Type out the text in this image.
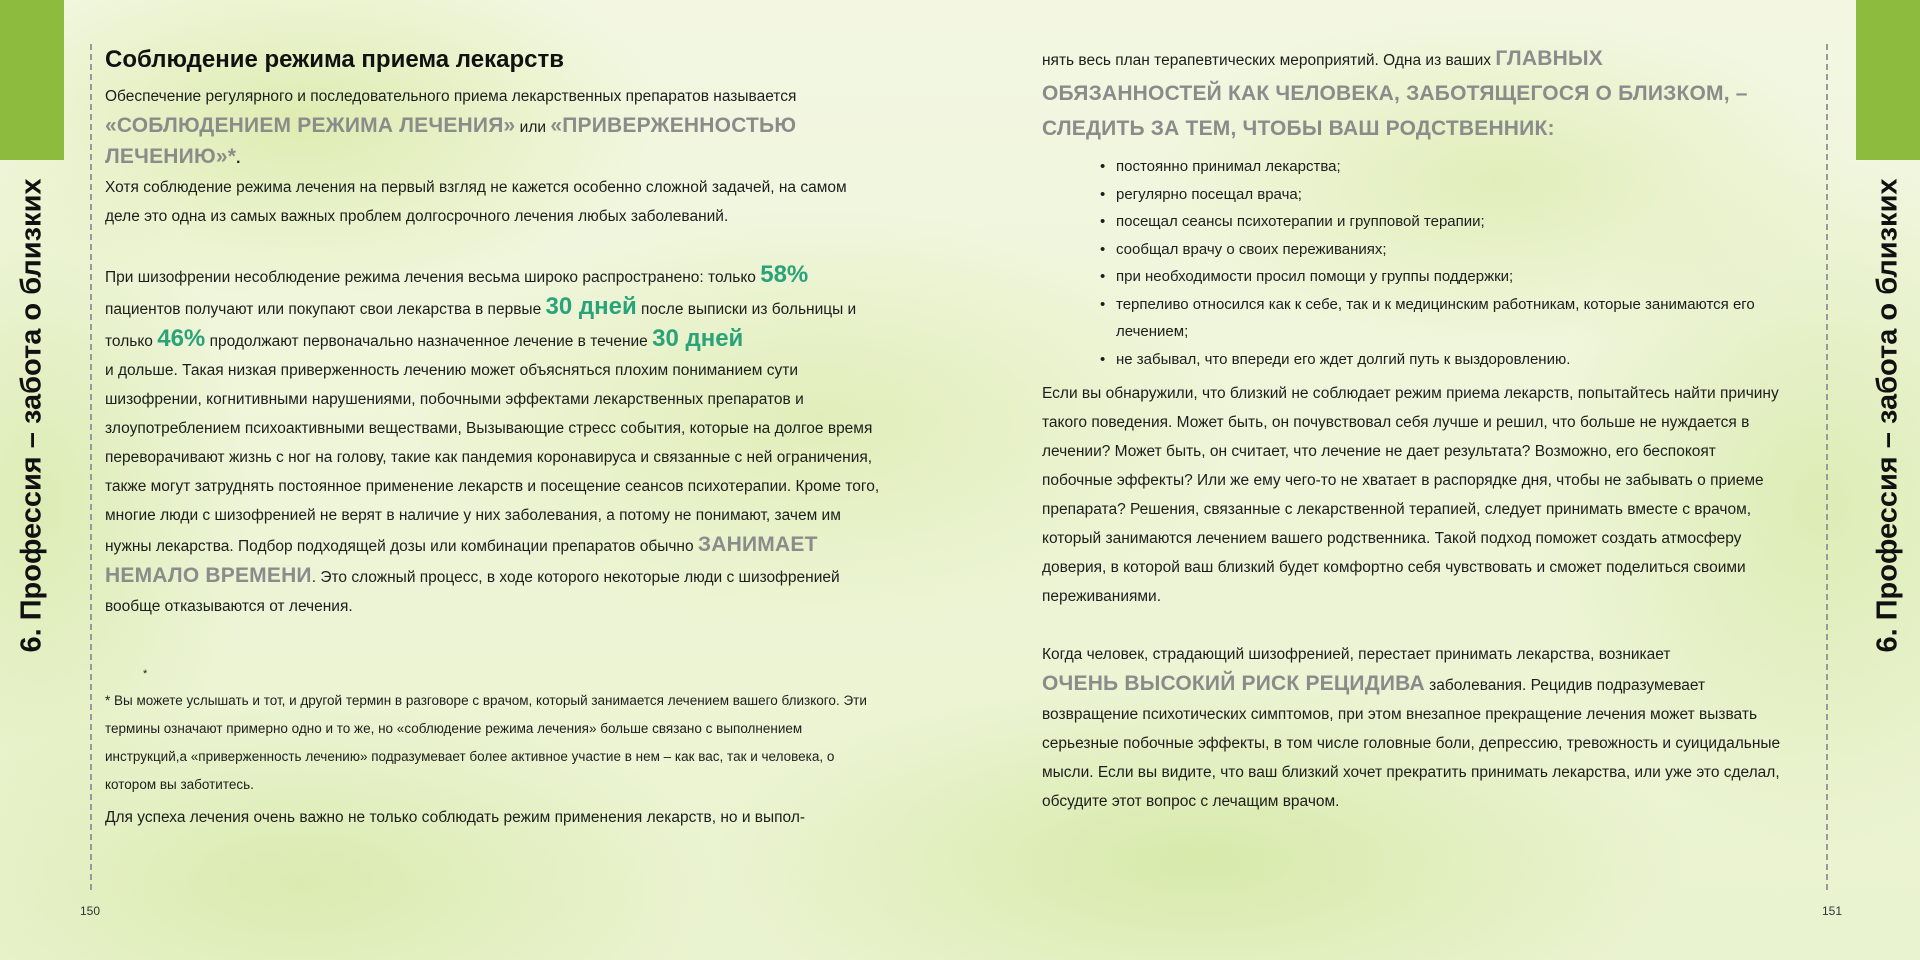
6. Профессия – забота о близких
Соблюдение режима приема лекарств

Обеспечение регулярного и последовательного приема лекарственных препаратов называется
«СОБЛЮДЕНИЕМ РЕЖИМА ЛЕЧЕНИЯ» или «ПРИВЕРЖЕННОСТЬЮ ЛЕЧЕНИЮ»*.
Хотя соблюдение режима лечения на первый взгляд не кажется особенно сложной задачей, на самом деле это одна из самых важных проблем долгосрочного лечения любых заболеваний.

При шизофрении несоблюдение режима лечения весьма широко распространено: только 58%
пациентов получают или покупают свои лекарства в первые 30 дней после выписки из больницы и только 46% продолжают первоначально назначенное лечение в течение 30 дней
и дольше. Такая низкая приверженность лечению может объясняться плохим пониманием сути шизофрении, когнитивными нарушениями, побочными эффектами лекарственных препаратов и злоупотреблением психоактивными веществами, Вызывающие стресс события, которые на долгое время переворачивают жизнь с ног на голову, такие как пандемия коронавируса и связанные с ней ограничения, также могут затруднять постоянное применение лекарств и посещение сеансов психотерапии. Кроме того, многие люди с шизофренией не верят в наличие у них заболевания, а потому не понимают, зачем им нужны лекарства. Подбор подходящей дозы или комбинации препаратов обычно ЗАНИМАЕТ НЕМАЛО ВРЕМЕНИ. Это сложный процесс, в ходе которого некоторые люди с шизофренией вообще отказываются от лечения.

*

* Вы можете услышать и тот, и другой термин в разговоре с врачом, который занимается лечением вашего близкого. Эти термины означают примерно одно и то же, но «соблюдение режима лечения» больше связано с выполнением инструкций,а «приверженность лечению» подразумевает более активное участие в нем – как вас, так и человека, о котором вы заботитесь.

Для успеха лечения очень важно не только соблюдать режим применения лекарств, но и выпол-

150
6. Профессия – забота о близких

нять весь план терапевтических мероприятий. Одна из ваших ГЛАВНЫХ ОБЯЗАННОСТЕЙ КАК ЧЕЛОВЕКА, ЗАБОТЯЩЕГОСЯ О БЛИЗКОМ, – СЛЕДИТЬ ЗА ТЕМ, ЧТОБЫ ВАШ РОДСТВЕННИК:

• постоянно принимал лекарства;
• регулярно посещал врача;
• посещал сеансы психотерапии и групповой терапии;
• сообщал врачу о своих переживаниях;
• при необходимости просил помощи у группы поддержки;
• терпеливо относился как к себе, так и к медицинским работникам, которые занимаются его лечением;
• не забывал, что впереди его ждет долгий путь к выздоровлению.

Если вы обнаружили, что близкий не соблюдает режим приема лекарств, попытайтесь найти причину такого поведения. Может быть, он почувствовал себя лучше и решил, что больше не нуждается в лечении? Может быть, он считает, что лечение не дает результата? Возможно, его беспокоят побочные эффекты? Или же ему чего-то не хватает в распорядке дня, чтобы не забывать о приеме препарата? Решения, связанные с лекарственной терапией, следует принимать вместе с врачом, который занимаются лечением вашего родственника. Такой подход поможет создать атмосферу доверия, в которой ваш близкий будет комфортно себя чувствовать и сможет поделиться своими переживаниями.

Когда человек, страдающий шизофренией, перестает принимать лекарства, возникает
ОЧЕНЬ ВЫСОКИЙ РИСК РЕЦИДИВА заболевания. Рецидив подразумевает возвращение психотических симптомов, при этом внезапное прекращение лечения может вызвать серьезные побочные эффекты, в том числе головные боли, депрессию, тревожность и суицидальные мысли. Если вы видите, что ваш близкий хочет прекратить принимать лекарства, или уже это сделал, обсудите этот вопрос с лечащим врачом.

151
